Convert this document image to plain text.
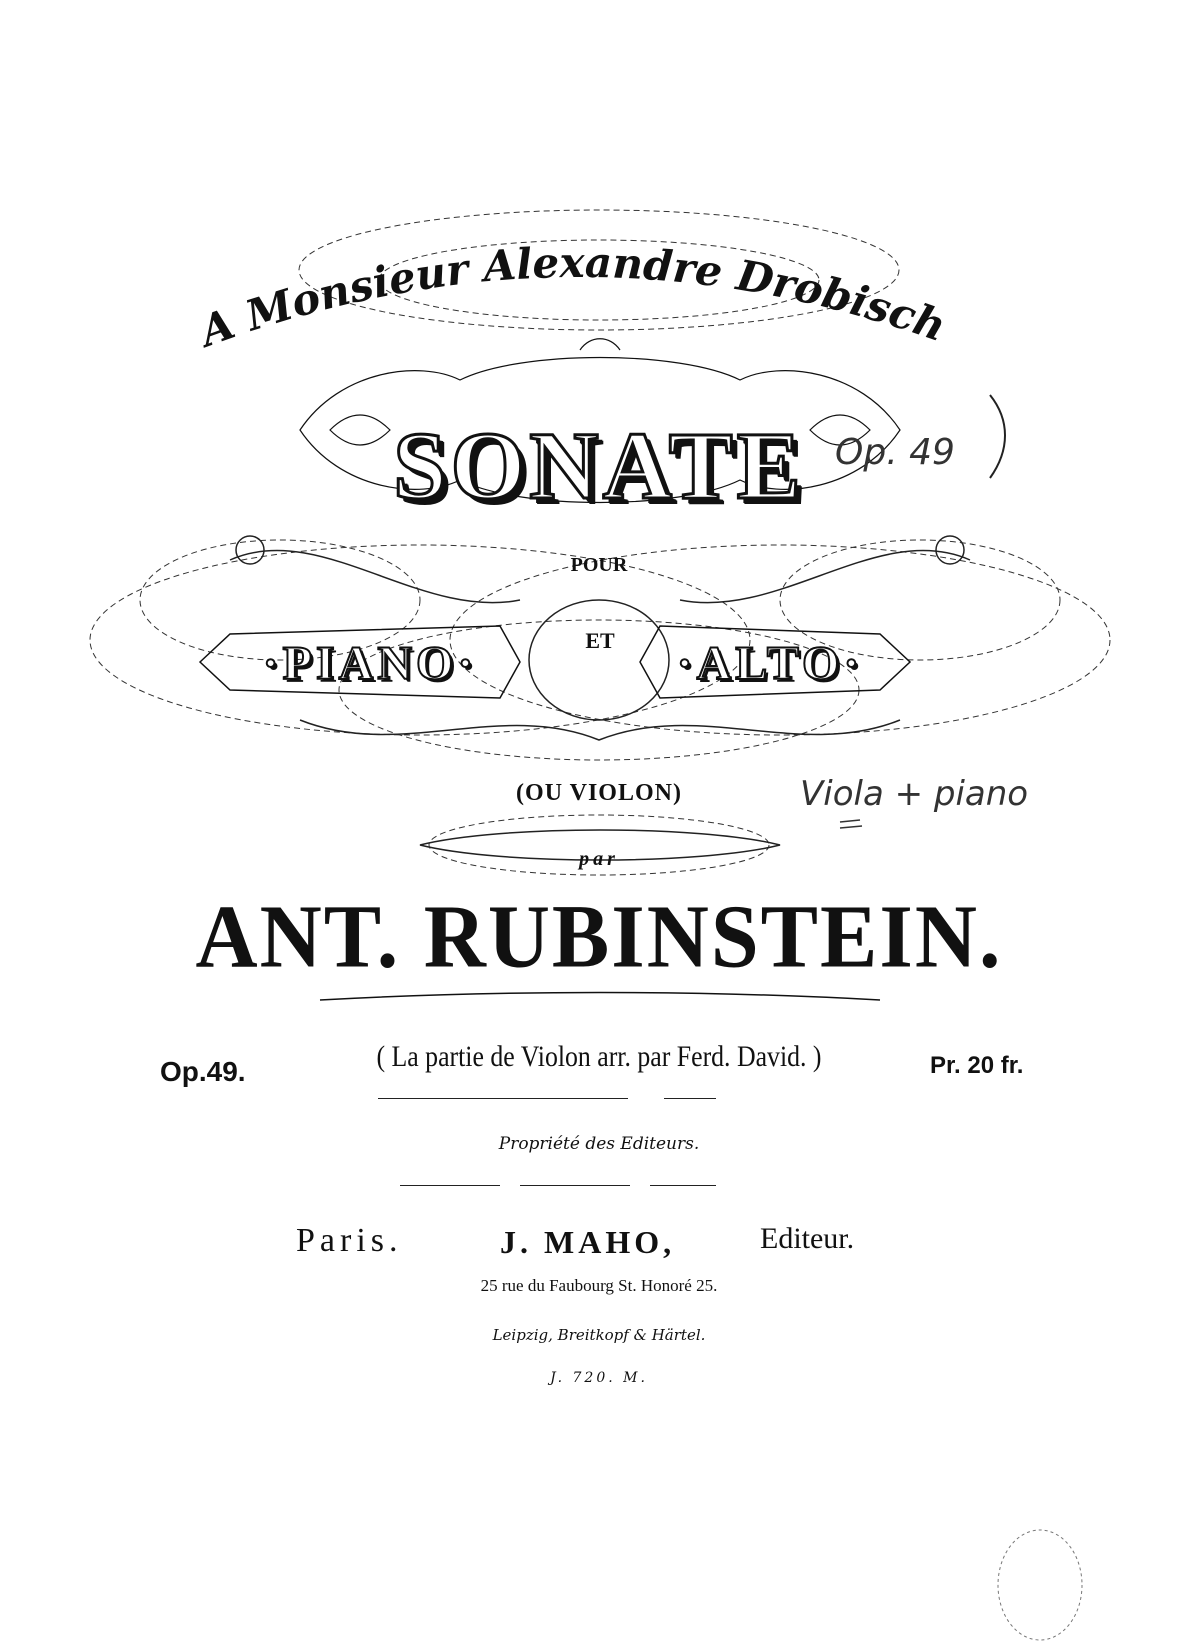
Monsieur Alexandre Drobisch
SONATE Op. 49
POUR
·PIANO·	ET	·ALTO·
(OU VIOLON)	Viola + piano
par
ANT. RUBINSTEIN.
( La partie de Violon arr. par Ferd. David. )
Op.49.	Pr. 20 fr.
Propriété des Editeurs.
Paris.	J. MAHO,	Editeur.
25 rue du Faubourg St. Honoré 25.
Leipzig, Breitkopf & Härtel.
J. 720. M.
